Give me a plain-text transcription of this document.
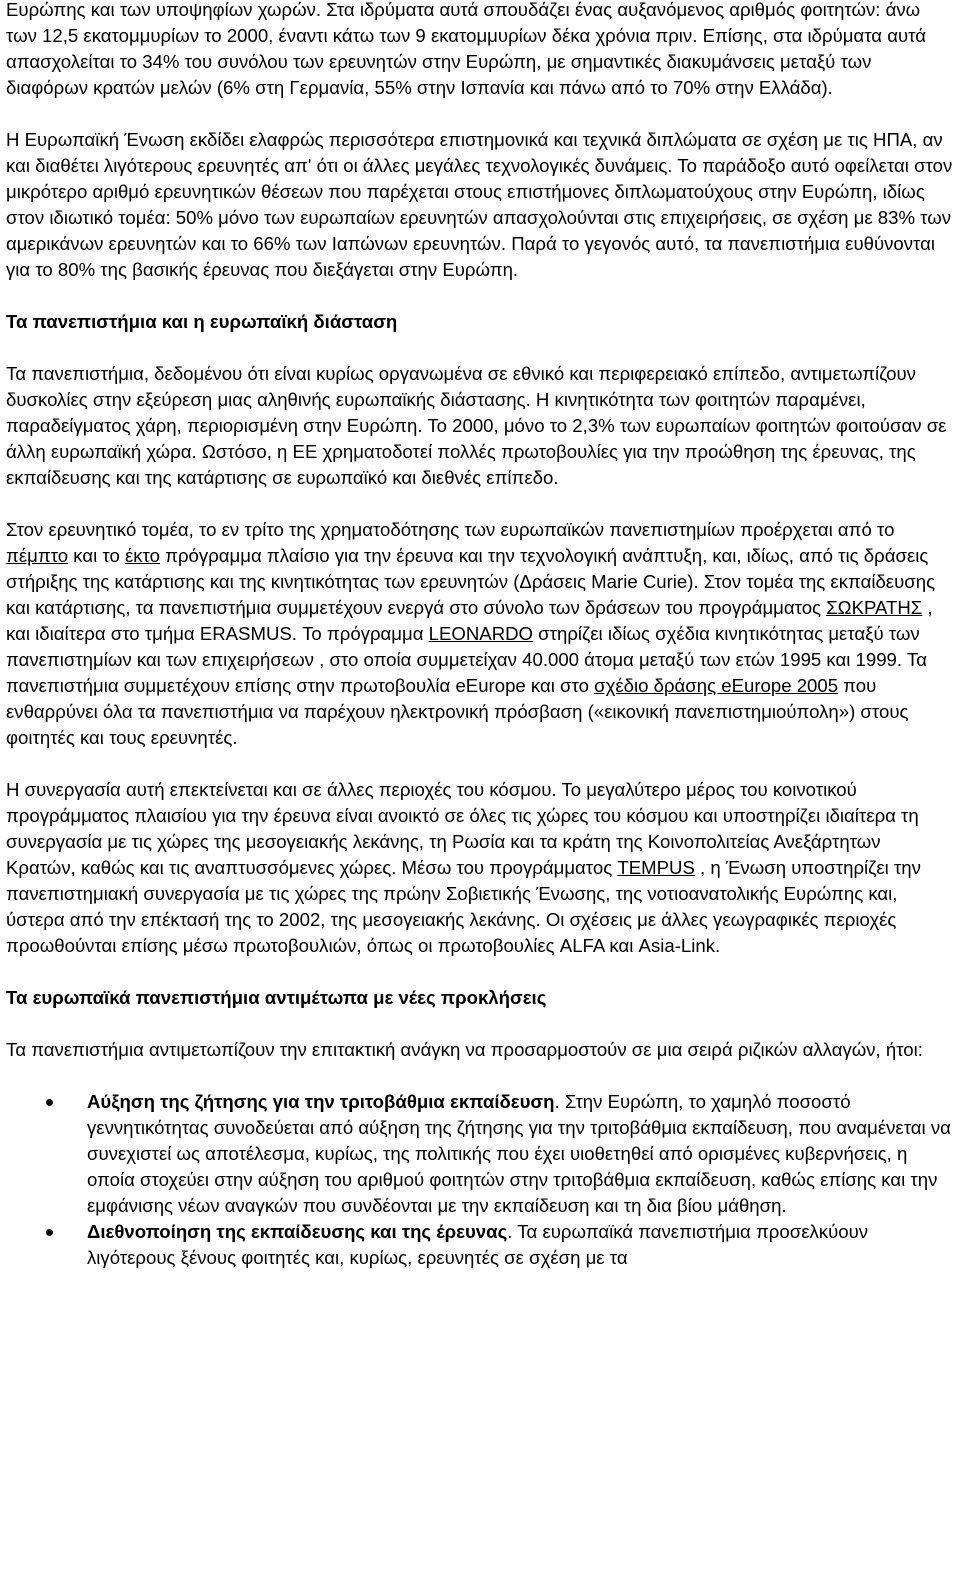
Ευρώπης και των υποψηφίων χωρών. Στα ιδρύματα αυτά σπουδάζει ένας αυξανόμενος αριθμός φοιτητών: άνω των 12,5 εκατομμυρίων το 2000, έναντι κάτω των 9 εκατομμυρίων δέκα χρόνια πριν. Επίσης, στα ιδρύματα αυτά απασχολείται το 34% του συνόλου των ερευνητών στην Ευρώπη, με σημαντικές διακυμάνσεις μεταξύ των διαφόρων κρατών μελών (6% στη Γερμανία, 55% στην Ισπανία και πάνω από το 70% στην Ελλάδα).

Η Ευρωπαϊκή Ένωση εκδίδει ελαφρώς περισσότερα επιστημονικά και τεχνικά διπλώματα σε σχέση με τις ΗΠΑ, αν και διαθέτει λιγότερους ερευνητές απ' ότι οι άλλες μεγάλες τεχνολογικές δυνάμεις. Το παράδοξο αυτό οφείλεται στον μικρότερο αριθμό ερευνητικών θέσεων που παρέχεται στους επιστήμονες διπλωματούχους στην Ευρώπη, ιδίως στον ιδιωτικό τομέα: 50% μόνο των ευρωπαίων ερευνητών απασχολούνται στις επιχειρήσεις, σε σχέση με 83% των αμερικάνων ερευνητών και το 66% των Ιαπώνων ερευνητών. Παρά το γεγονός αυτό, τα πανεπιστήμια ευθύνονται για το 80% της βασικής έρευνας που διεξάγεται στην Ευρώπη.

Τα πανεπιστήμια και η ευρωπαϊκή διάσταση

Τα πανεπιστήμια, δεδομένου ότι είναι κυρίως οργανωμένα σε εθνικό και περιφερειακό επίπεδο, αντιμετωπίζουν δυσκολίες στην εξεύρεση μιας αληθινής ευρωπαϊκής διάστασης. Η κινητικότητα των φοιτητών παραμένει, παραδείγματος χάρη, περιορισμένη στην Ευρώπη. Το 2000, μόνο το 2,3% των ευρωπαίων φοιτητών φοιτούσαν σε άλλη ευρωπαϊκή χώρα. Ωστόσο, η ΕΕ χρηματοδοτεί πολλές πρωτοβουλίες για την προώθηση της έρευνας, της εκπαίδευσης και της κατάρτισης σε ευρωπαϊκό και διεθνές επίπεδο.

Στον ερευνητικό τομέα, το εν τρίτο της χρηματοδότησης των ευρωπαϊκών πανεπιστημίων προέρχεται από το πέμπτο και το έκτο πρόγραμμα πλαίσιο για την έρευνα και την τεχνολογική ανάπτυξη, και, ιδίως, από τις δράσεις στήριξης της κατάρτισης και της κινητικότητας των ερευνητών (Δράσεις Marie Curie). Στον τομέα της εκπαίδευσης και κατάρτισης, τα πανεπιστήμια συμμετέχουν ενεργά στο σύνολο των δράσεων του προγράμματος ΣΩΚΡΑΤΗΣ , και ιδιαίτερα στο τμήμα ERASMUS. Το πρόγραμμα LEONARDO στηρίζει ιδίως σχέδια κινητικότητας μεταξύ των πανεπιστημίων και των επιχειρήσεων , στο οποία συμμετείχαν 40.000 άτομα μεταξύ των ετών 1995 και 1999. Τα πανεπιστήμια συμμετέχουν επίσης στην πρωτοβουλία eEurope και στο σχέδιο δράσης eEurope 2005 που ενθαρρύνει όλα τα πανεπιστήμια να παρέχουν ηλεκτρονική πρόσβαση («εικονική πανεπιστημιούπολη») στους φοιτητές και τους ερευνητές.

Η συνεργασία αυτή επεκτείνεται και σε άλλες περιοχές του κόσμου. Το μεγαλύτερο μέρος του κοινοτικού προγράμματος πλαισίου για την έρευνα είναι ανοικτό σε όλες τις χώρες του κόσμου και υποστηρίζει ιδιαίτερα τη συνεργασία με τις χώρες της μεσογειακής λεκάνης, τη Ρωσία και τα κράτη της Κοινοπολιτείας Ανεξάρτητων Κρατών, καθώς και τις αναπτυσσόμενες χώρες. Μέσω του προγράμματος TEMPUS , η Ένωση υποστηρίζει την πανεπιστημιακή συνεργασία με τις χώρες της πρώην Σοβιετικής Ένωσης, της νοτιοανατολικής Ευρώπης και, ύστερα από την επέκτασή της το 2002, της μεσογειακής λεκάνης. Οι σχέσεις με άλλες γεωγραφικές περιοχές προωθούνται επίσης μέσω πρωτοβουλιών, όπως οι πρωτοβουλίες ALFA και Asia-Link.

Τα ευρωπαϊκά πανεπιστήμια αντιμέτωπα με νέες προκλήσεις

Τα πανεπιστήμια αντιμετωπίζουν την επιτακτική ανάγκη να προσαρμοστούν σε μια σειρά ριζικών αλλαγών, ήτοι:

Αύξηση της ζήτησης για την τριτοβάθμια εκπαίδευση. Στην Ευρώπη, το χαμηλό ποσοστό γεννητικότητας συνοδεύεται από αύξηση της ζήτησης για την τριτοβάθμια εκπαίδευση, που αναμένεται να συνεχιστεί ως αποτέλεσμα, κυρίως, της πολιτικής που έχει υιοθετηθεί από ορισμένες κυβερνήσεις, η οποία στοχεύει στην αύξηση του αριθμού φοιτητών στην τριτοβάθμια εκπαίδευση, καθώς επίσης και την εμφάνισης νέων αναγκών που συνδέονται με την εκπαίδευση και τη δια βίου μάθηση.
Διεθνοποίηση της εκπαίδευσης και της έρευνας. Τα ευρωπαϊκά πανεπιστήμια προσελκύουν λιγότερους ξένους φοιτητές και, κυρίως, ερευνητές σε σχέση με τα
